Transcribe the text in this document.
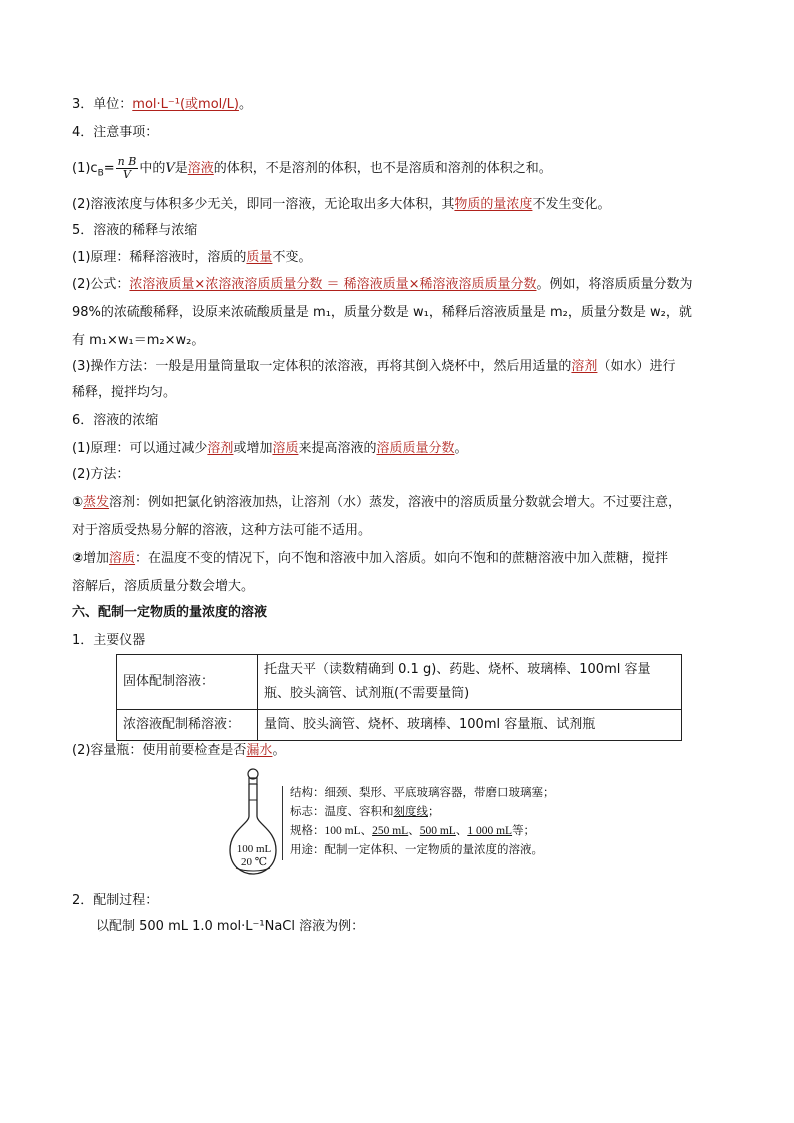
3．单位：mol·L⁻¹(或mol/L)。
4．注意事项：
$(1)c_B= \frac{\text{n B}}{V}$ 中的V是溶液的体积，不是溶剂的体积，也不是溶质和溶剂的体积之和。
(2)溶液浓度与体积多少无关，即同一溶液，无论取出多大体积，其物质的量浓度不发生变化。
5．溶液的稀释与浓缩
(1)原理：稀释溶液时，溶质的质量不变。
(2)公式：浓溶液质量×浓溶液溶质质量分数 ＝ 稀溶液质量×稀溶液溶质质量分数。例如，将溶质质量分数为
98%的浓硫酸稀释，设原来浓硫酸质量是 m₁，质量分数是 w₁，稀释后溶液质量是 m₂，质量分数是 w₂，就
有 m₁×w₁＝m₂×w₂。
(3)操作方法：一般是用量筒量取一定体积的浓溶液，再将其倒入烧杯中，然后用适量的溶剂（如水）进行
稀释，搅拌均匀。
6．溶液的浓缩
(1)原理：可以通过减少溶剂或增加溶质来提高溶液的溶质质量分数。
(2)方法：
①蒸发溶剂：例如把氯化钠溶液加热，让溶剂（水）蒸发，溶液中的溶质质量分数就会增大。不过要注意，
对于溶质受热易分解的溶液，这种方法可能不适用。
②增加溶质：在温度不变的情况下，向不饱和溶液中加入溶质。如向不饱和的蔗糖溶液中加入蔗糖，搅拌
溶解后，溶质质量分数会增大。
六、配制一定物质的量浓度的溶液
1．主要仪器
固体配制溶液：	托盘天平（读数精确到 0.1 g)、药匙、烧杯、玻璃棒、100ml 容量瓶、胶头滴管、试剂瓶(不需要量筒)
浓溶液配制稀溶液：	量筒、胶头滴管、烧杯、玻璃棒、100ml 容量瓶、试剂瓶
(2)容量瓶：使用前要检查是否漏水。
100 mL
20 ℃
结构：细颈、梨形、平底玻璃容器，带磨口玻璃塞；
标志：温度、容积和刻度线；
规格：100 mL、250 mL、500 mL、1 000 mL等；
用途：配制一定体积、一定物质的量浓度的溶液。
2．配制过程：
以配制 500 mL 1.0 mol·L⁻¹NaCl 溶液为例：
